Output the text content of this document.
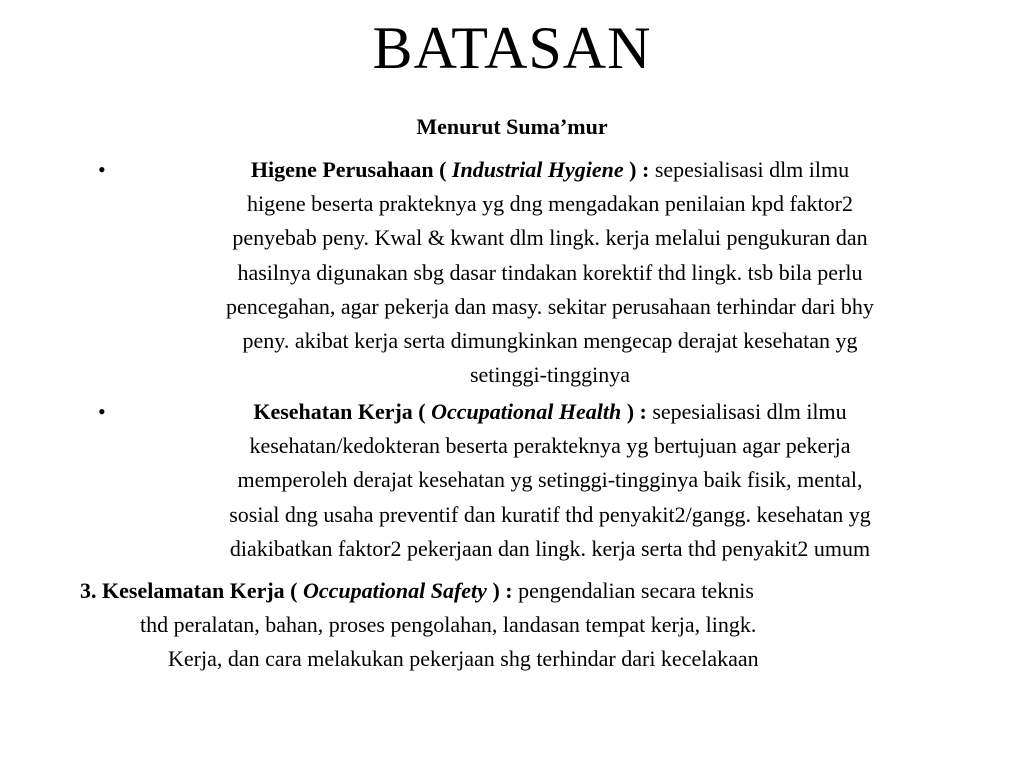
BATASAN
Menurut Suma’mur
•	Higene Perusahaan ( Industrial Hygiene ) : sepesialisasi dlm ilmu
higene beserta prakteknya yg dng mengadakan penilaian kpd faktor2
penyebab peny. Kwal & kwant dlm lingk. kerja melalui pengukuran dan
hasilnya digunakan sbg dasar tindakan korektif thd lingk. tsb bila perlu
pencegahan, agar pekerja dan masy. sekitar perusahaan terhindar dari bhy
peny. akibat kerja serta dimungkinkan mengecap derajat kesehatan yg
setinggi-tingginya
•	Kesehatan Kerja ( Occupational Health ) : sepesialisasi dlm ilmu
kesehatan/kedokteran beserta perakteknya yg bertujuan agar pekerja
memperoleh derajat kesehatan yg setinggi-tingginya baik fisik, mental,
sosial dng usaha preventif dan kuratif thd penyakit2/gangg. kesehatan yg
diakibatkan faktor2 pekerjaan dan lingk. kerja serta thd penyakit2 umum
3. Keselamatan Kerja ( Occupational Safety ) : pengendalian secara teknis
thd peralatan, bahan, proses pengolahan, landasan tempat kerja, lingk.
Kerja, dan cara melakukan pekerjaan shg terhindar dari kecelakaan
